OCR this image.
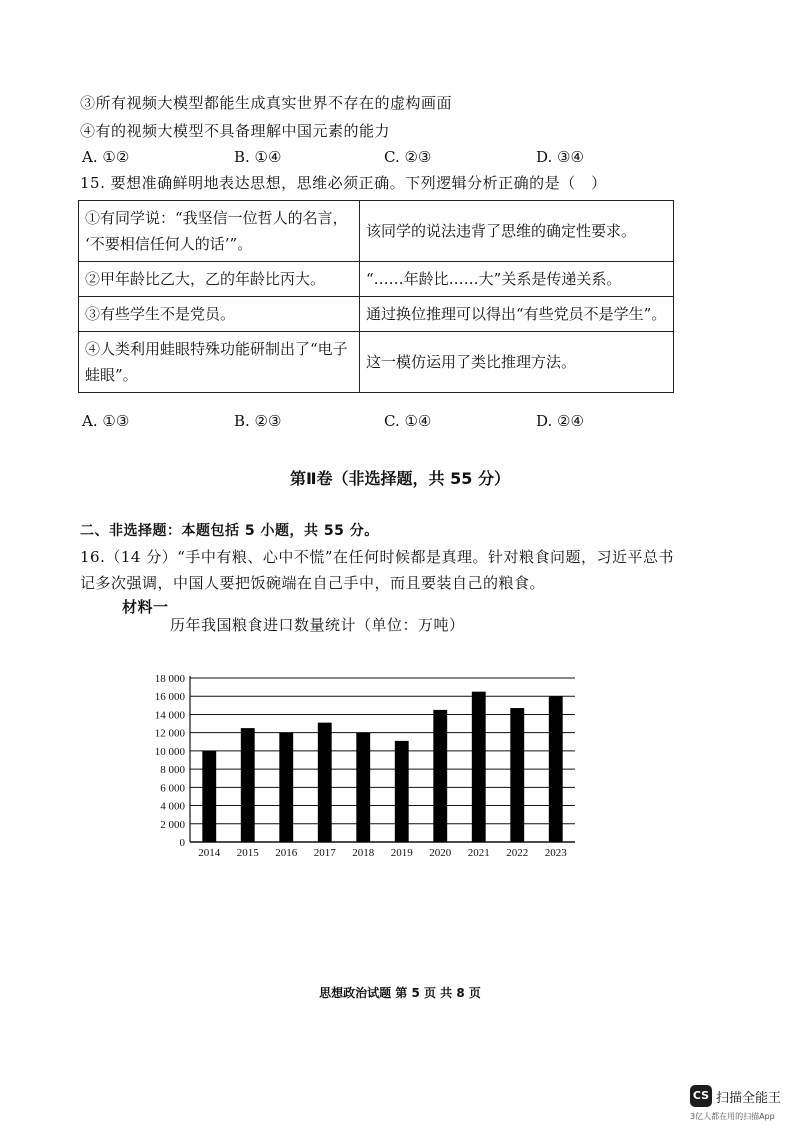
③所有视频大模型都能生成真实世界不存在的虚构画面
④有的视频大模型不具备理解中国元素的能力
A. ①②	B. ①④	C. ②③	D. ③④
15. 要想准确鲜明地表达思想，思维必须正确。下列逻辑分析正确的是（　）
①有同学说：“我坚信一位哲人的名言，
‘不要相信任何人的话’”。	该同学的说法违背了思维的确定性要求。

②甲年龄比乙大，乙的年龄比丙大。	“……年龄比……大”关系是传递关系。

③有些学生不是党员。	通过换位推理可以得出“有些党员不是学生”。

④人类利用蛙眼特殊功能研制出了“电子
蛙眼”。	这一模仿运用了类比推理方法。
A. ①③	B. ②③	C. ①④	D. ②④
第Ⅱ卷（非选择题，共 55 分）
二、非选择题：本题包括 5 小题，共 55 分。
16.（14 分）“手中有粮、心中不慌”在任何时候都是真理。针对粮食问题，习近平总书
记多次强调，中国人要把饭碗端在自己手中，而且要装自己的粮食。
材料一
历年我国粮食进口数量统计（单位：万吨）
0
2 000
4 000
6 000
8 000
10 000
12 000
14 000
16 000
18 000
2014 2015 2016 2017 2018 2019 2020 2021 2022 2023
思想政治试题 第 5 页 共 8 页
CS 扫描全能王
3亿人都在用的扫描App
